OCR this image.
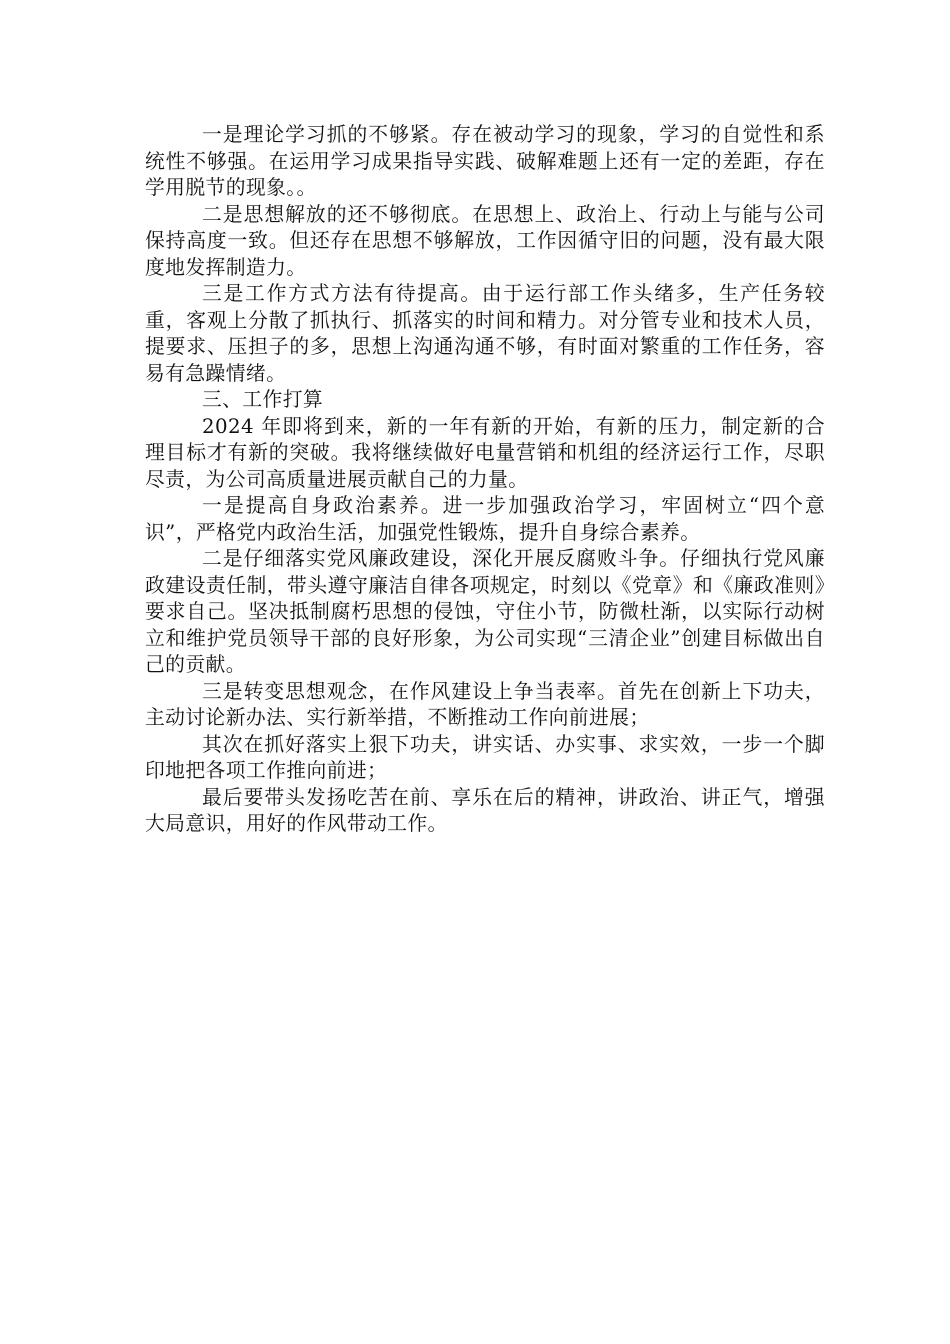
一是理论学习抓的不够紧。存在被动学习的现象，学习的自觉性和系统性不够强。在运用学习成果指导实践、破解难题上还有一定的差距，存在学用脱节的现象。。

二是思想解放的还不够彻底。在思想上、政治上、行动上与能与公司保持高度一致。但还存在思想不够解放，工作因循守旧的问题，没有最大限度地发挥制造力。

三是工作方式方法有待提高。由于运行部工作头绪多，生产任务较重，客观上分散了抓执行、抓落实的时间和精力。对分管专业和技术人员，提要求、压担子的多，思想上沟通沟通不够，有时面对繁重的工作任务，容易有急躁情绪。

三、工作打算

2024 年即将到来，新的一年有新的开始，有新的压力，制定新的合理目标才有新的突破。我将继续做好电量营销和机组的经济运行工作，尽职尽责，为公司高质量进展贡献自己的力量。

一是提高自身政治素养。进一步加强政治学习，牢固树立“四个意识”，严格党内政治生活，加强党性锻炼，提升自身综合素养。

二是仔细落实党风廉政建设，深化开展反腐败斗争。仔细执行党风廉政建设责任制，带头遵守廉洁自律各项规定，时刻以《党章》和《廉政准则》要求自己。坚决抵制腐朽思想的侵蚀，守住小节，防微杜渐，以实际行动树立和维护党员领导干部的良好形象，为公司实现“三清企业”创建目标做出自己的贡献。

三是转变思想观念，在作风建设上争当表率。首先在创新上下功夫，主动讨论新办法、实行新举措，不断推动工作向前进展；

其次在抓好落实上狠下功夫，讲实话、办实事、求实效，一步一个脚印地把各项工作推向前进；

最后要带头发扬吃苦在前、享乐在后的精神，讲政治、讲正气，增强大局意识，用好的作风带动工作。
